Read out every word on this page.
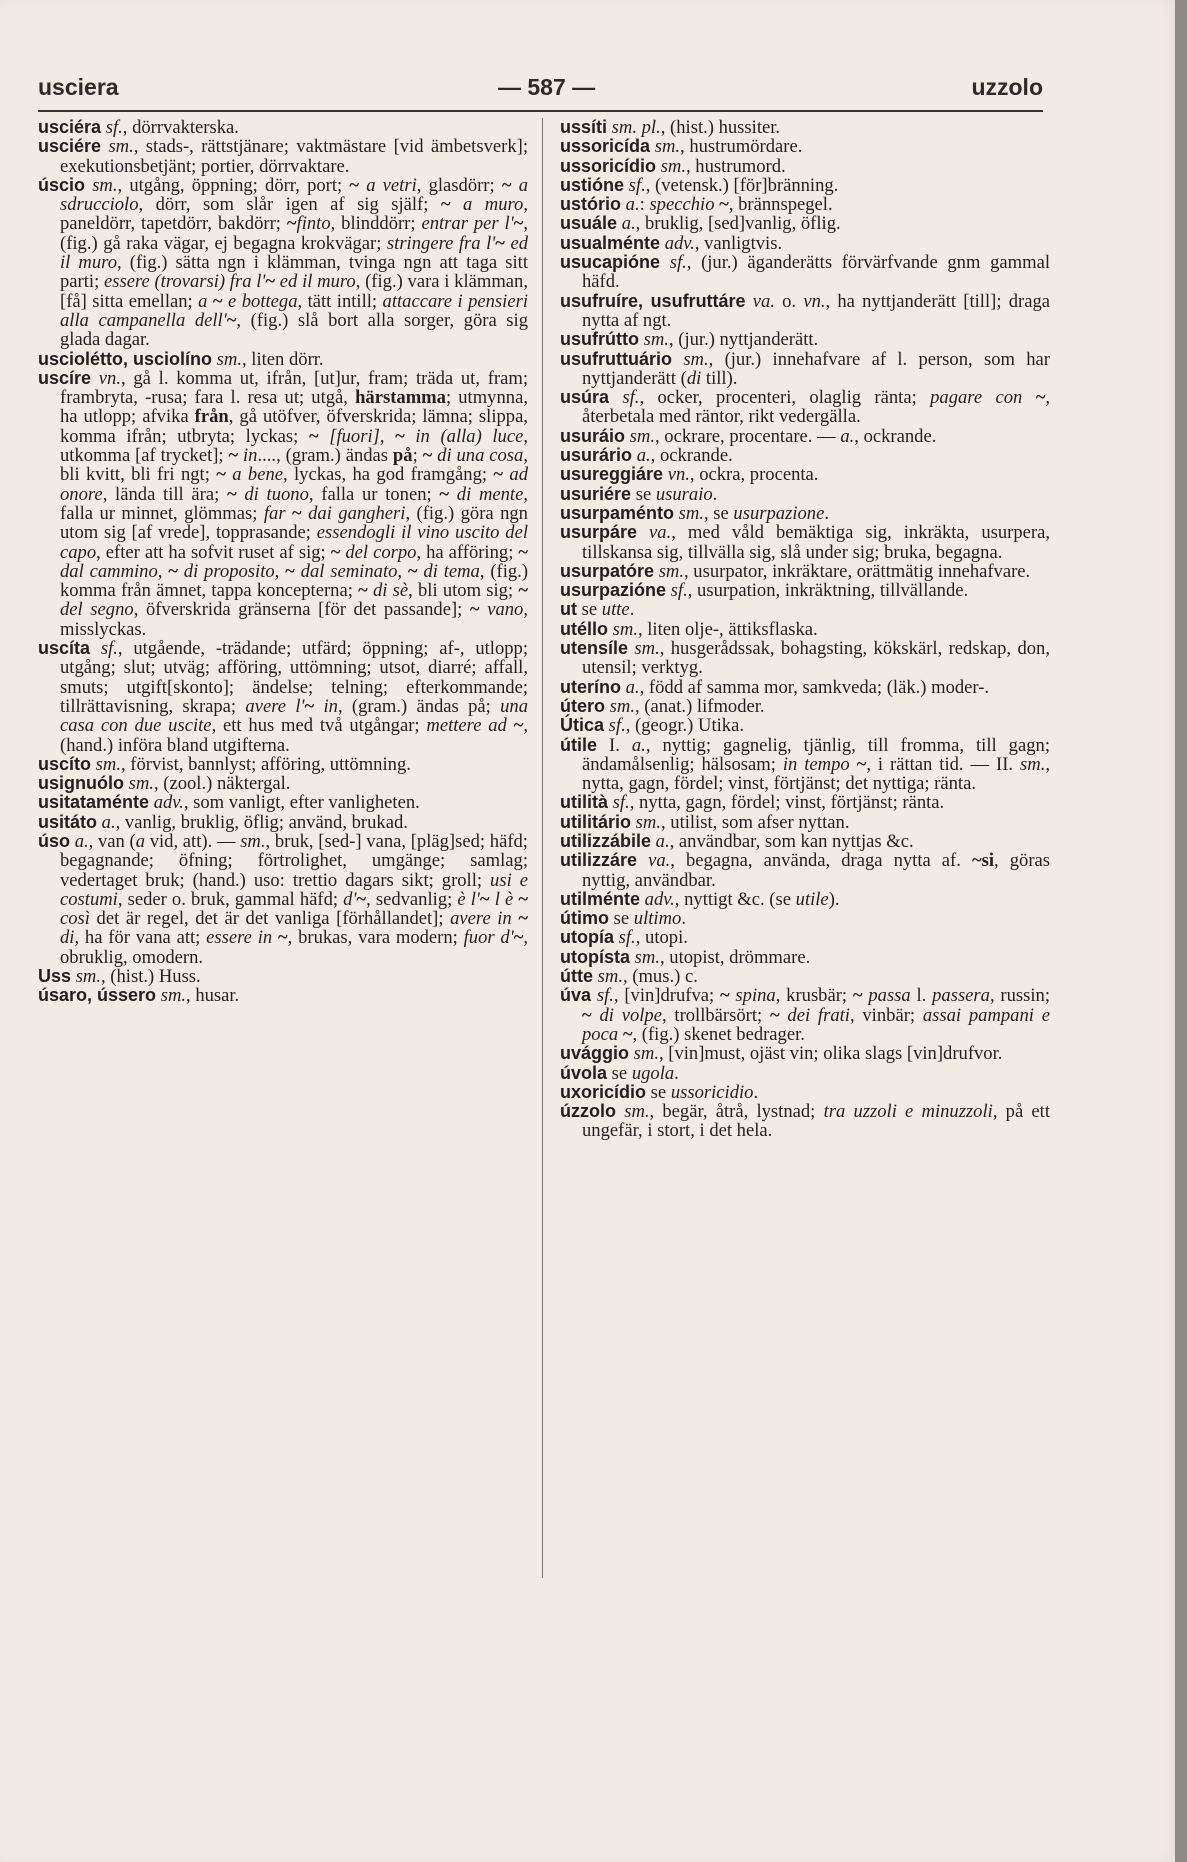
usciera	— 587 —	uzzolo

usciéra sf., dörrvakterska.

usciére sm., stads-, rättstjänare; vaktmästare [vid ämbetsverk]; exekutionsbetjänt; portier, dörrvaktare.

úscio sm., utgång, öppning; dörr, port; ~ a vetri, glasdörr; ~ a sdrucciolo, dörr, som slår igen af sig själf; ~ a muro, paneldörr, tapetdörr, bakdörr; ~finto, blinddörr; entrar per l'~, (fig.) gå raka vägar, ej begagna krokvägar; stringere fra l'~ ed il muro, (fig.) sätta ngn i klämman, tvinga ngn att taga sitt parti; essere (trovarsi) fra l'~ ed il muro, (fig.) vara i klämman, [få] sitta emellan; a ~ e bottega, tätt intill; attaccare i pensieri alla campanella dell'~, (fig.) slå bort alla sorger, göra sig glada dagar.

usciolétto, usciolíno sm., liten dörr.

uscíre vn., gå l. komma ut, ifrån, [ut]ur, fram; träda ut, fram; frambryta, -rusa; fara l. resa ut; utgå, härstamma; utmynna, ha utlopp; afvika från, gå utöfver, öfverskrida; lämna; slippa, komma ifrån; utbryta; lyckas; ~ [fuori], ~ in (alla) luce, utkomma [af trycket]; ~ in...., (gram.) ändas på; ~ di una cosa, bli kvitt, bli fri ngt; ~ a bene, lyckas, ha god framgång; ~ ad onore, lända till ära; ~ di tuono, falla ur tonen; ~ di mente, falla ur minnet, glömmas; far ~ dai gangheri, (fig.) göra ngn utom sig [af vrede], topprasande; essendogli il vino uscito del capo, efter att ha sofvit ruset af sig; ~ del corpo, ha afföring; ~ dal cammino, ~ di proposito, ~ dal seminato, ~ di tema, (fig.) komma från ämnet, tappa koncepterna; ~ di sè, bli utom sig; ~ del segno, öfverskrida gränserna [för det passande]; ~ vano, misslyckas.

uscíta sf., utgående, -trädande; utfärd; öppning; af-, utlopp; utgång; slut; utväg; afföring, uttömning; utsot, diarré; affall, smuts; utgift[skonto]; ändelse; telning; efterkommande; tillrättavisning, skrapa; avere l'~ in, (gram.) ändas på; una casa con due uscite, ett hus med två utgångar; mettere ad ~, (hand.) införa bland utgifterna.

uscíto sm., förvist, bannlyst; afföring, uttömning.

usignuólo sm., (zool.) näktergal.

usitataménte adv., som vanligt, efter vanligheten.

usitáto a., vanlig, bruklig, öflig; använd, brukad.

úso a., van (a vid, att). — sm., bruk, [sed-] vana, [pläg]sed; häfd; begagnande; öfning; förtrolighet, umgänge; samlag; vedertaget bruk; (hand.) uso: trettio dagars sikt; groll; usi e costumi, seder o. bruk, gammal häfd; d'~, sedvanlig; è l'~ l è ~ così det är regel, det är det vanliga [förhållandet]; avere in ~ di, ha för vana att; essere in ~, brukas, vara modern; fuor d'~, obruklig, omodern.

Uss sm., (hist.) Huss.

úsaro, ússero sm., husar.

ussíti sm. pl., (hist.) hussiter.

ussoricída sm., hustrumördare.

ussoricídio sm., hustrumord.

ustióne sf., (vetensk.) [för]bränning.

ustório a.: specchio ~, brännspegel.

usuále a., bruklig, [sed]vanlig, öflig.

usualménte adv., vanligtvis.

usucapióne sf., (jur.) äganderätts förvärfvande gnm gammal häfd.

usufruíre, usufruttáre va. o. vn., ha nyttjanderätt [till]; draga nytta af ngt.

usufrútto sm., (jur.) nyttjanderätt.

usufruttuário sm., (jur.) innehafvare af l. person, som har nyttjanderätt (di till).

usúra sf., ocker, procenteri, olaglig ränta; pagare con ~, återbetala med räntor, rikt vedergälla.

usuráio sm., ockrare, procentare. — a., ockrande.

usurário a., ockrande.

usureggiáre vn., ockra, procenta.

usuriére se usuraio.

usurpaménto sm., se usurpazione.

usurpáre va., med våld bemäktiga sig, inkräkta, usurpera, tillskansa sig, tillvälla sig, slå under sig; bruka, begagna.

usurpatóre sm., usurpator, inkräktare, orättmätig innehafvare.

usurpazióne sf., usurpation, inkräktning, tillvällande.

ut se utte.

utéllo sm., liten olje-, ättiksflaska.

utensíle sm., husgerådssak, bohagsting, kökskärl, redskap, don, utensil; verktyg.

uteríno a., född af samma mor, samkveda; (läk.) moder-.

útero sm., (anat.) lifmoder.

Útica sf., (geogr.) Utika.

útile I. a., nyttig; gagnelig, tjänlig, till fromma, till gagn; ändamålsenlig; hälsosam; in tempo ~, i rättan tid. — II. sm., nytta, gagn, fördel; vinst, förtjänst; det nyttiga; ränta.

utilità sf., nytta, gagn, fördel; vinst, förtjänst; ränta.

utilitário sm., utilist, som afser nyttan.

utilizzábile a., användbar, som kan nyttjas &c.

utilizzáre va., begagna, använda, draga nytta af. ~si, göras nyttig, användbar.

utilménte adv., nyttigt &c. (se utile).

útimo se ultimo.

utopía sf., utopi.

utopísta sm., utopist, drömmare.

útte sm., (mus.) c.

úva sf., [vin]drufva; ~ spina, krusbär; ~ passa l. passera, russin; ~ di volpe, trollbärsört; ~ dei frati, vinbär; assai pampani e poca ~, (fig.) skenet bedrager.

uvággio sm., [vin]must, ojäst vin; olika slags [vin]drufvor.

úvola se ugola.

uxoricídio se ussoricidio.

úzzolo sm., begär, åtrå, lystnad; tra uzzoli e minuzzoli, på ett ungefär, i stort, i det hela.
